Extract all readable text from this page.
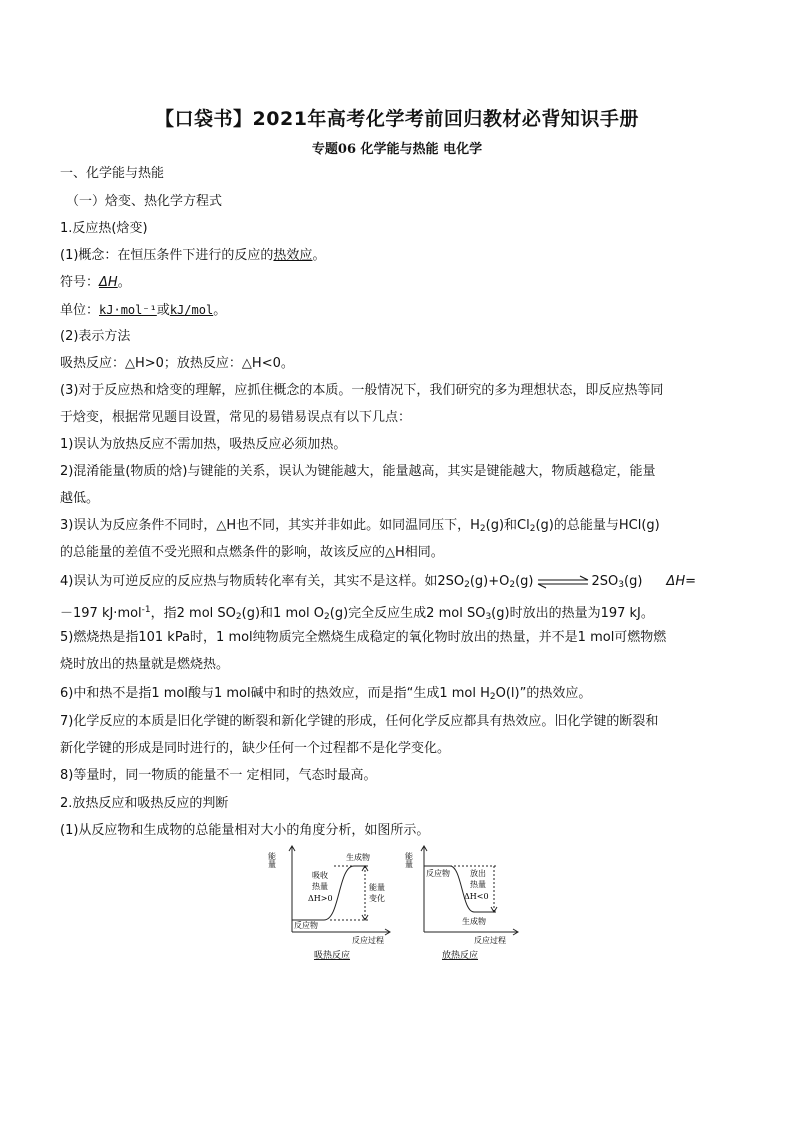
【口袋书】2021年高考化学考前回归教材必背知识手册
专题06 化学能与热能 电化学
一、化学能与热能
（一）焓变、热化学方程式
1.反应热(焓变)
(1)概念：在恒压条件下进行的反应的热效应。
符号：ΔH。
单位：kJ·mol⁻¹或kJ/mol。
(2)表示方法
吸热反应：△H>0；放热反应：△H<0。
(3)对于反应热和焓变的理解，应抓住概念的本质。一般情况下，我们研究的多为理想状态，即反应热等同
于焓变，根据常见题目设置，常见的易错易误点有以下几点：
1)误认为放热反应不需加热，吸热反应必须加热。
2)混淆能量(物质的焓)与键能的关系，误认为键能越大，能量越高，其实是键能越大，物质越稳定，能量
越低。
3)误认为反应条件不同时，△H也不同，其实并非如此。如同温同压下，H2(g)和Cl2(g)的总能量与HCl(g)
的总能量的差值不受光照和点燃条件的影响，故该反应的△H相同。
4)误认为可逆反应的反应热与物质转化率有关，其实不是这样。如2SO2(g)+O2(g)	2SO3(g) ΔH=
－197 kJ·mol$^{-1}$，指2 mol SO2(g)和1 mol O2(g)完全反应生成2 mol SO3(g)时放出的热量为197 kJ。
5)燃烧热是指101 kPa时，1 mol纯物质完全燃烧生成稳定的氧化物时放出的热量，并不是1 mol可燃物燃
烧时放出的热量就是燃烧热。
6)中和热不是指1 mol酸与1 mol碱中和时的热效应，而是指“生成1 mol H2O(l)”的热效应。
7)化学反应的本质是旧化学键的断裂和新化学键的形成，任何化学反应都具有热效应。旧化学键的断裂和
新化学键的形成是同时进行的，缺少任何一个过程都不是化学变化。
8)等量时，同一物质的能量不一 定相同，气态时最高。
2.放热反应和吸热反应的判断
(1)从反应物和生成物的总能量相对大小的角度分析，如图所示。
能量	生成物
反应物
吸收
热量
ΔH>0
能量
变化
反应过程
吸热反应
能量
反应物
生成物
放出
热量
ΔH<0
反应过程
放热反应
